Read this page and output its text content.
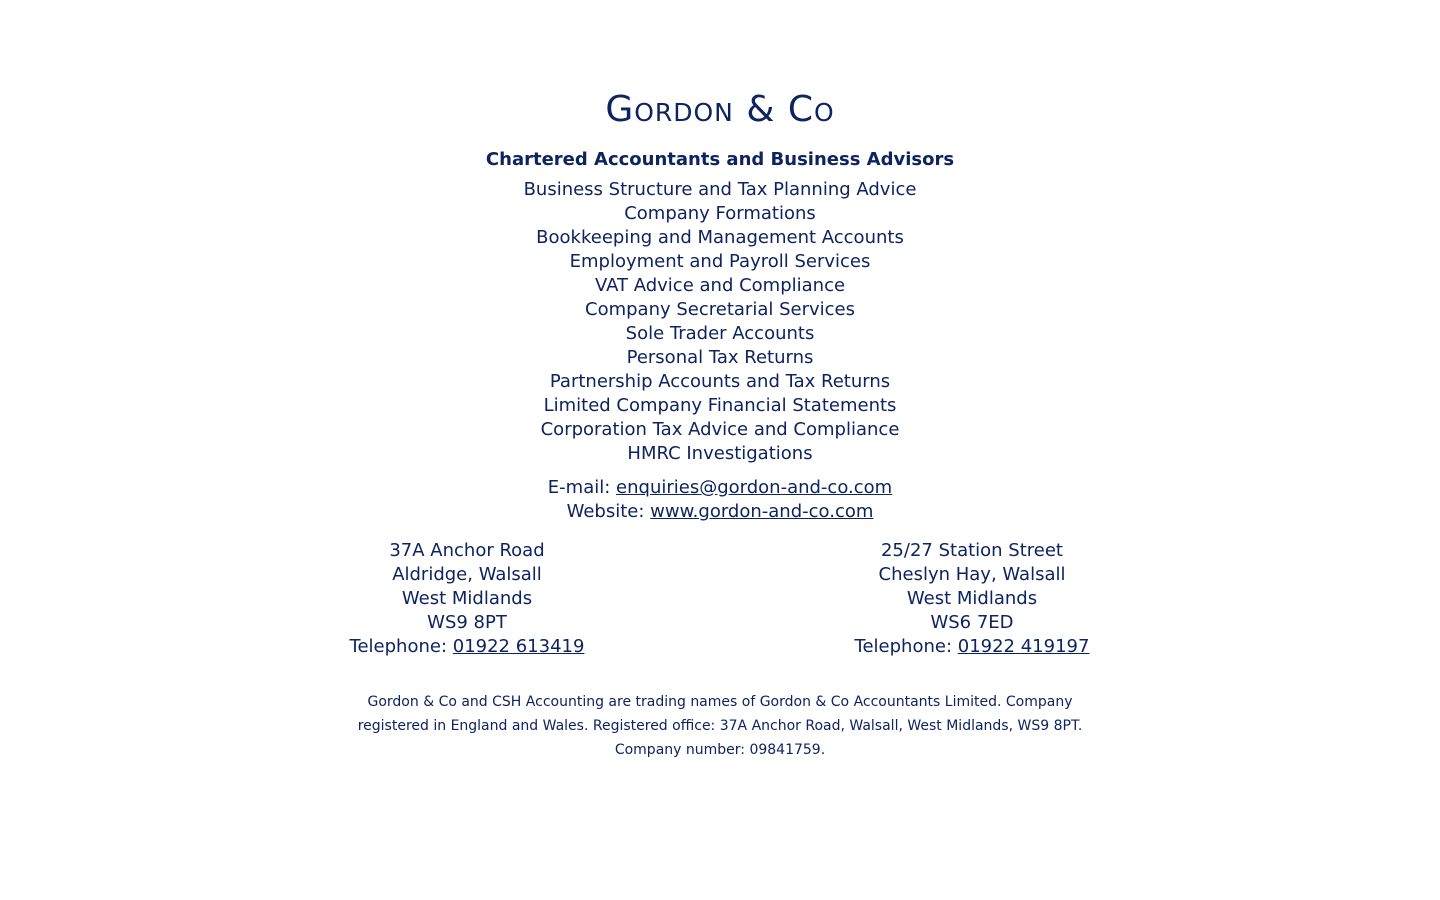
Gordon & Co
Chartered Accountants and Business Advisors
Business Structure and Tax Planning Advice
Company Formations
Bookkeeping and Management Accounts
Employment and Payroll Services
VAT Advice and Compliance
Company Secretarial Services
Sole Trader Accounts
Personal Tax Returns
Partnership Accounts and Tax Returns
Limited Company Financial Statements
Corporation Tax Advice and Compliance
HMRC Investigations
E-mail: enquiries@gordon-and-co.com
Website: www.gordon-and-co.com
37A Anchor Road
Aldridge, Walsall
West Midlands
WS9 8PT
Telephone: 01922 613419
25/27 Station Street
Cheslyn Hay, Walsall
West Midlands
WS6 7ED
Telephone: 01922 419197
Gordon & Co and CSH Accounting are trading names of Gordon & Co Accountants Limited. Company registered in England and Wales. Registered office: 37A Anchor Road, Walsall, West Midlands, WS9 8PT. Company number: 09841759.
